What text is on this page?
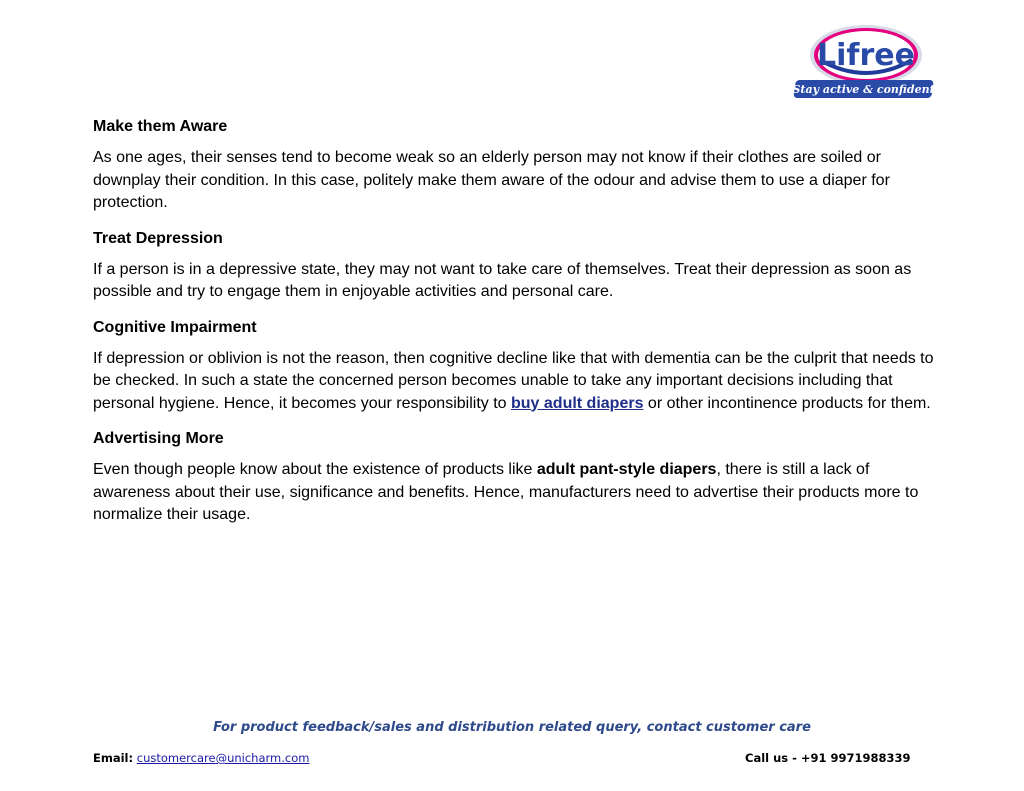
Lifree
Stay active & confident!
Make them Aware

As one ages, their senses tend to become weak so an elderly person may not know if their clothes are soiled or downplay their condition. In this case, politely make them aware of the odour and advise them to use a diaper for protection.

Treat Depression

If a person is in a depressive state, they may not want to take care of themselves. Treat their depression as soon as possible and try to engage them in enjoyable activities and personal care.

Cognitive Impairment

If depression or oblivion is not the reason, then cognitive decline like that with dementia can be the culprit that needs to be checked. In such a state the concerned person becomes unable to take any important decisions including that personal hygiene. Hence, it becomes your responsibility to buy adult diapers or other incontinence products for them.

Advertising More

Even though people know about the existence of products like adult pant-style diapers, there is still a lack of awareness about their use, significance and benefits. Hence, manufacturers need to advertise their products more to normalize their usage.

For product feedback/sales and distribution related query, contact customer care
Email: customercare@unicharm.com	Call us - +91 9971988339
